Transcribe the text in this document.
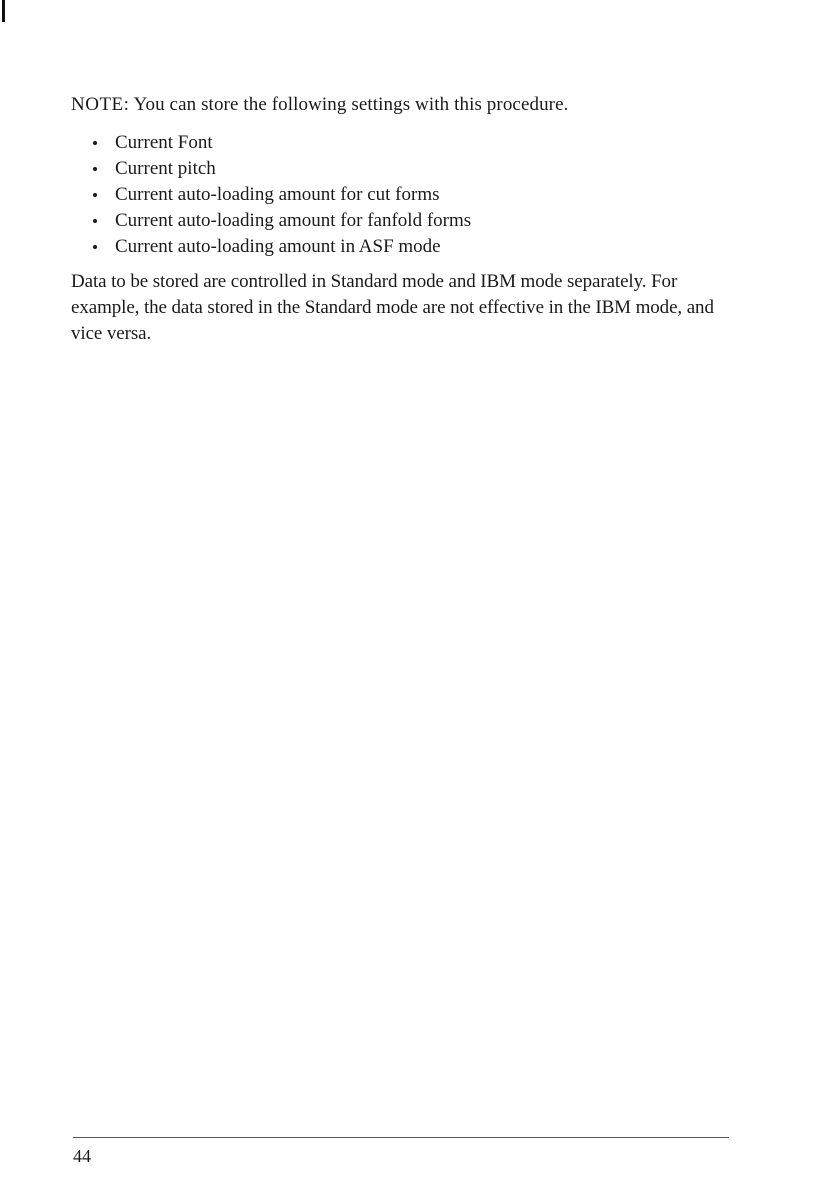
NOTE: You can store the following settings with this procedure.

Current Font
Current pitch
Current auto-loading amount for cut forms
Current auto-loading amount for fanfold forms
Current auto-loading amount in ASF mode

Data to be stored are controlled in Standard mode and IBM mode separately. For example, the data stored in the Standard mode are not effective in the IBM mode, and vice versa.

44
